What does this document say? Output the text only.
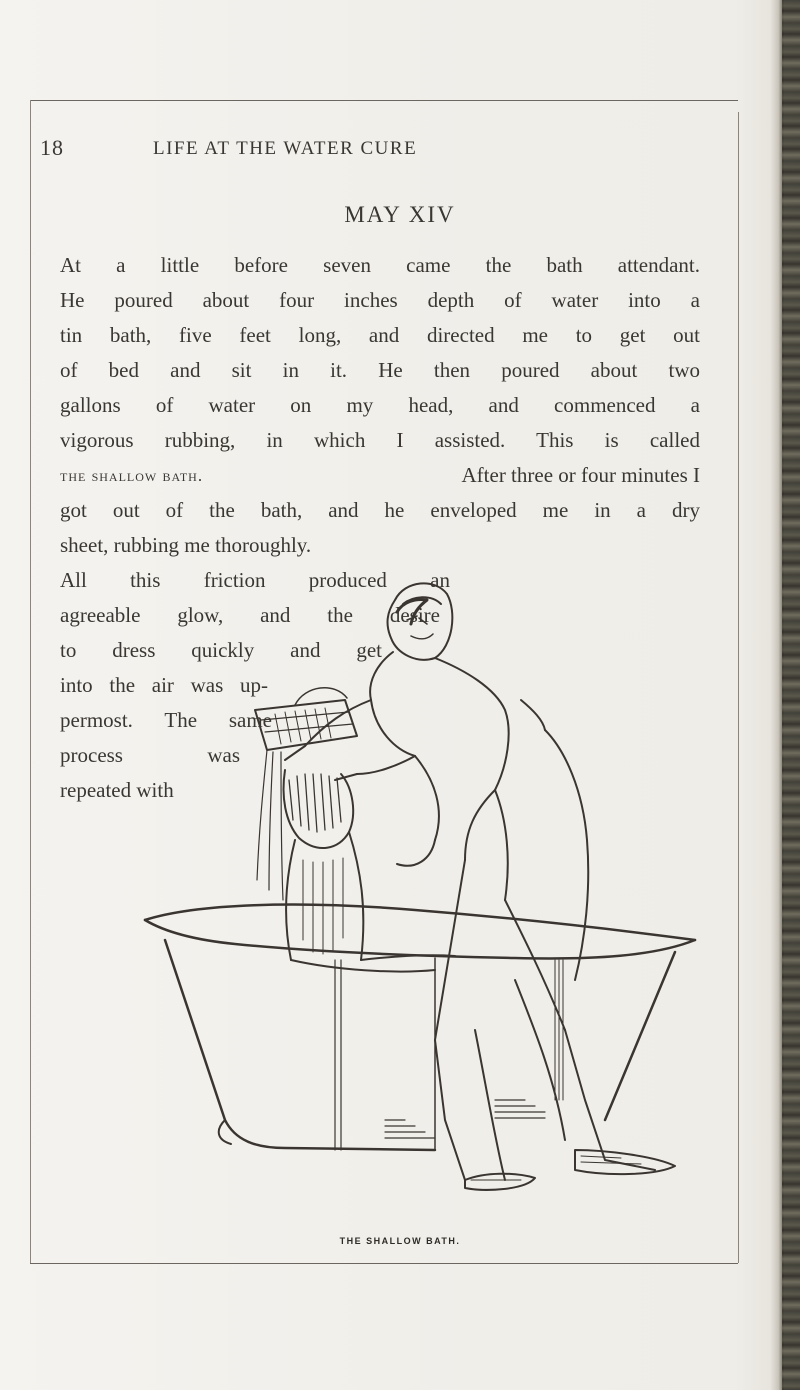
18	LIFE AT THE WATER CURE
MAY XIV
At a little before seven came the bath attendant.
He poured about four inches depth of water into a
tin bath, five feet long, and directed me to get out
of bed and sit in it. He then poured about two
gallons of water on my head, and commenced a
vigorous rubbing, in which I assisted. This is called
the shallow bath.	After three or four minutes I
got out of the bath, and he enveloped me in a dry
sheet, rubbing me thoroughly.
All this friction produced an
agreeable glow, and the desire
to dress quickly and get
into the air was up-
permost. The same
process was
repeated with
THE SHALLOW BATH.
